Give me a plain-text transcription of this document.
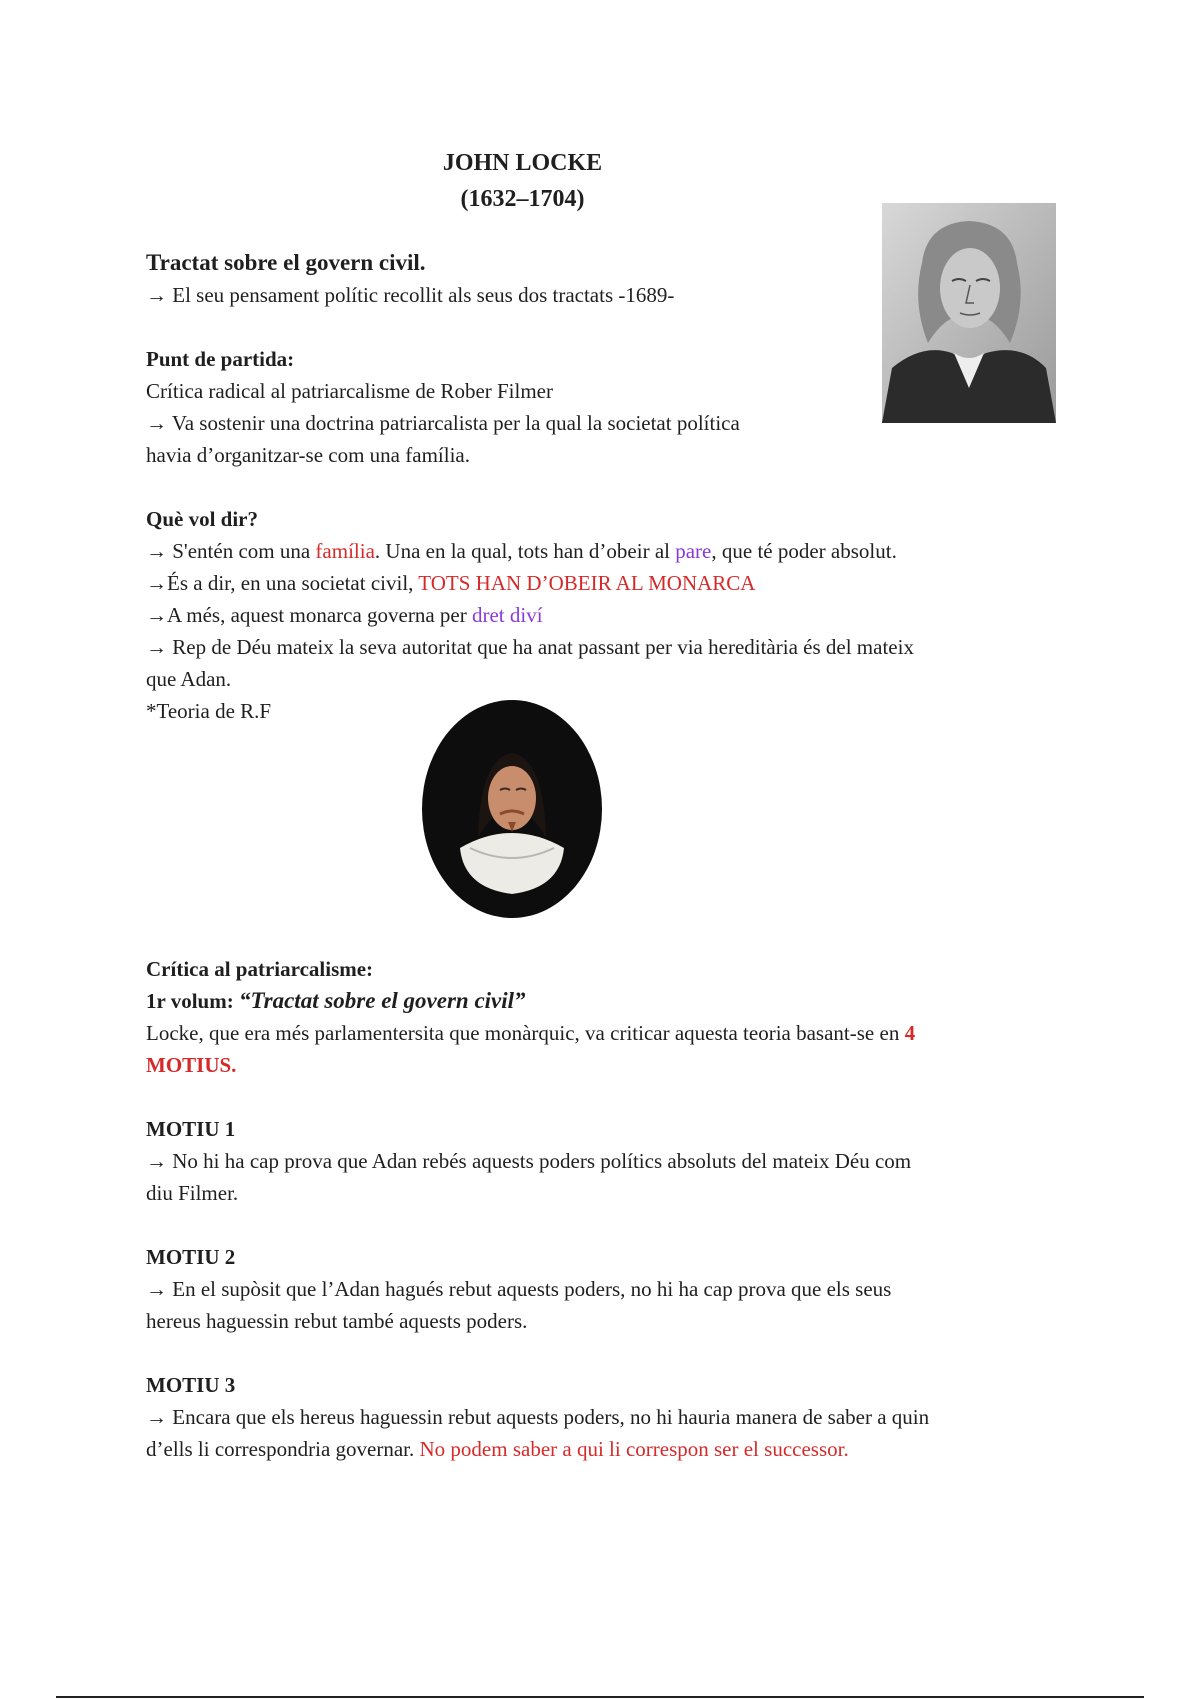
JOHN LOCKE
(1632–1704)

Tractat sobre el govern civil.

→ El seu pensament polític recollit als seus dos tractats -1689-

Punt de partida:

Crítica radical al patriarcalisme de Rober Filmer

→ Va sostenir una doctrina patriarcalista per la qual la societat política

havia d’organitzar-se com una família.

Què vol dir?

→ S'entén com una família. Una en la qual, tots han d’obeir al pare, que té poder absolut.

→És a dir, en una societat civil, TOTS HAN D’OBEIR AL MONARCA

→A més, aquest monarca governa per dret diví

→ Rep de Déu mateix la seva autoritat que ha anat passant per via hereditària és del mateix

que Adan.

*Teoria de R.F

Crítica al patriarcalisme:

1r volum: “Tractat sobre el govern civil”

Locke, que era més parlamentersita que monàrquic, va criticar aquesta teoria basant-se en 4

MOTIUS.

MOTIU 1

→ No hi ha cap prova que Adan rebés aquests poders polítics absoluts del mateix Déu com

diu Filmer.

MOTIU 2

→ En el supòsit que l’Adan hagués rebut aquests poders, no hi ha cap prova que els seus

hereus haguessin rebut també aquests poders.

MOTIU 3

→ Encara que els hereus haguessin rebut aquests poders, no hi hauria manera de saber a quin

d’ells li correspondria governar. No podem saber a qui li correspon ser el successor.
